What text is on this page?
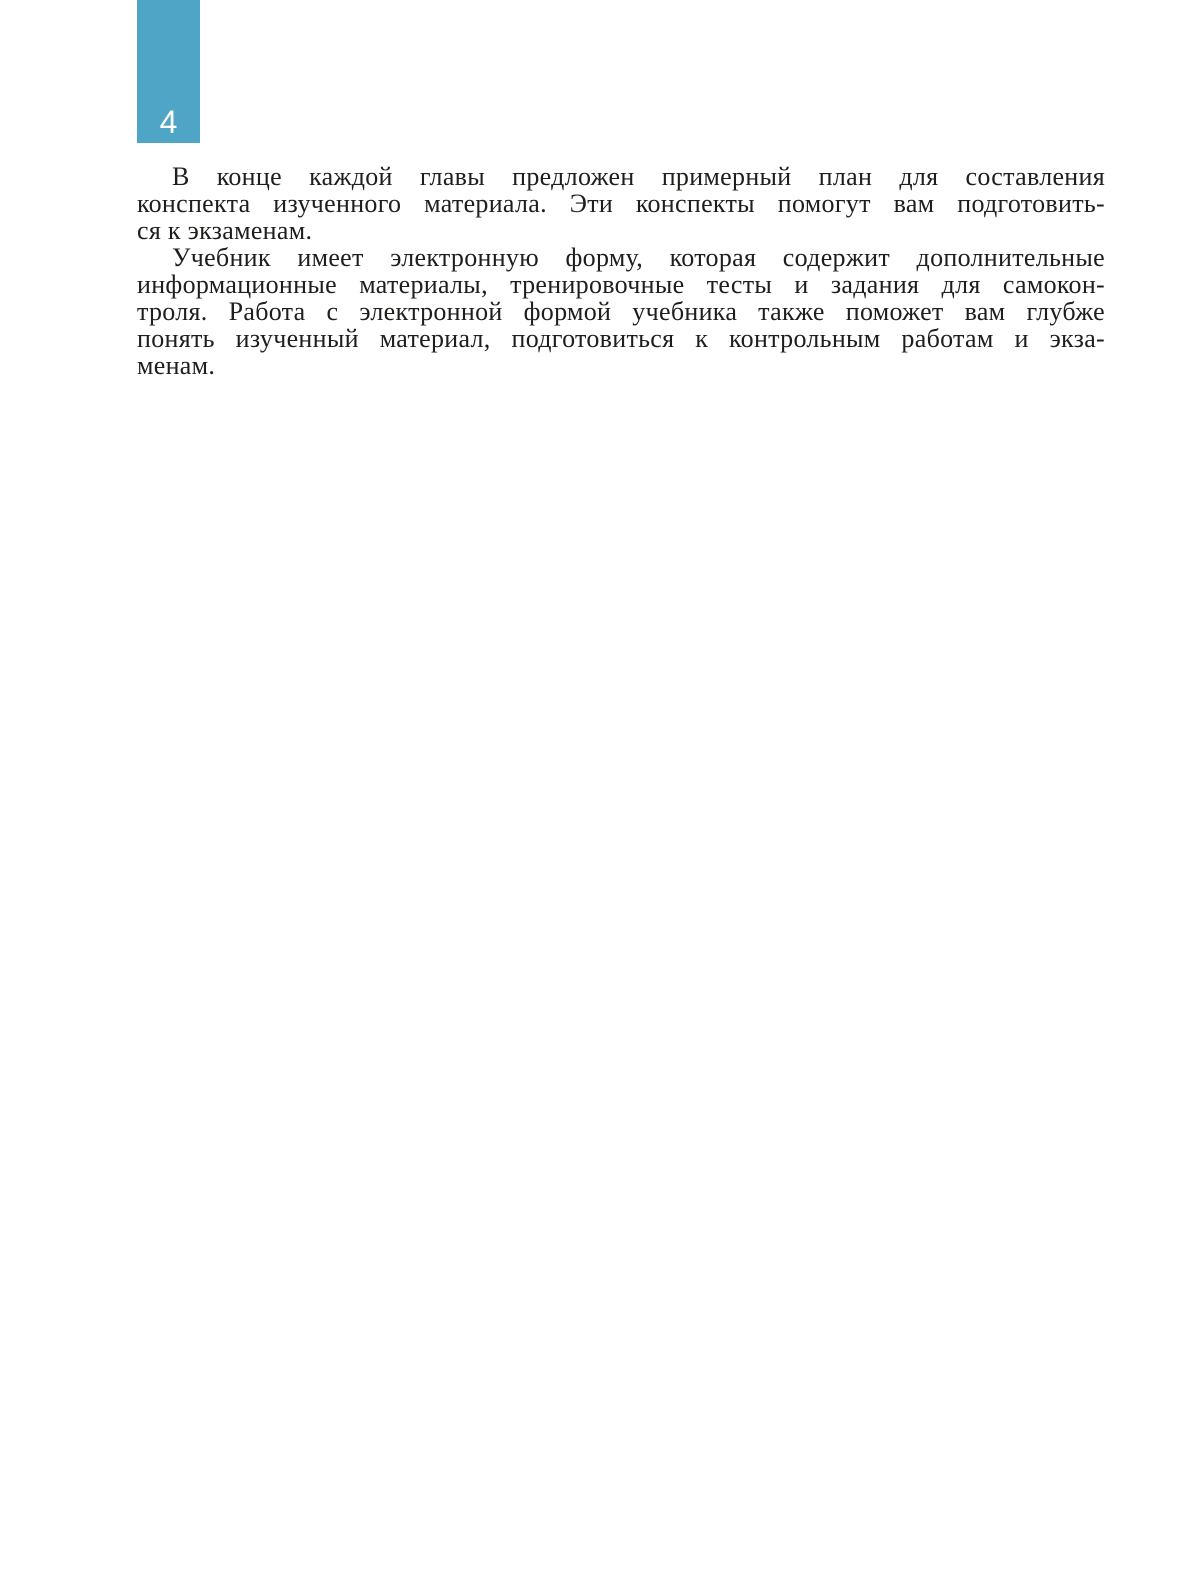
4
В конце каждой главы предложен примерный план для составления
конспекта изученного материала. Эти конспекты помогут вам подготовить-
ся к экзаменам.
Учебник имеет электронную форму, которая содержит дополнительные
информационные материалы, тренировочные тесты и задания для самокон-
троля. Работа с электронной формой учебника также поможет вам глубже
понять изученный материал, подготовиться к контрольным работам и экза-
менам.
